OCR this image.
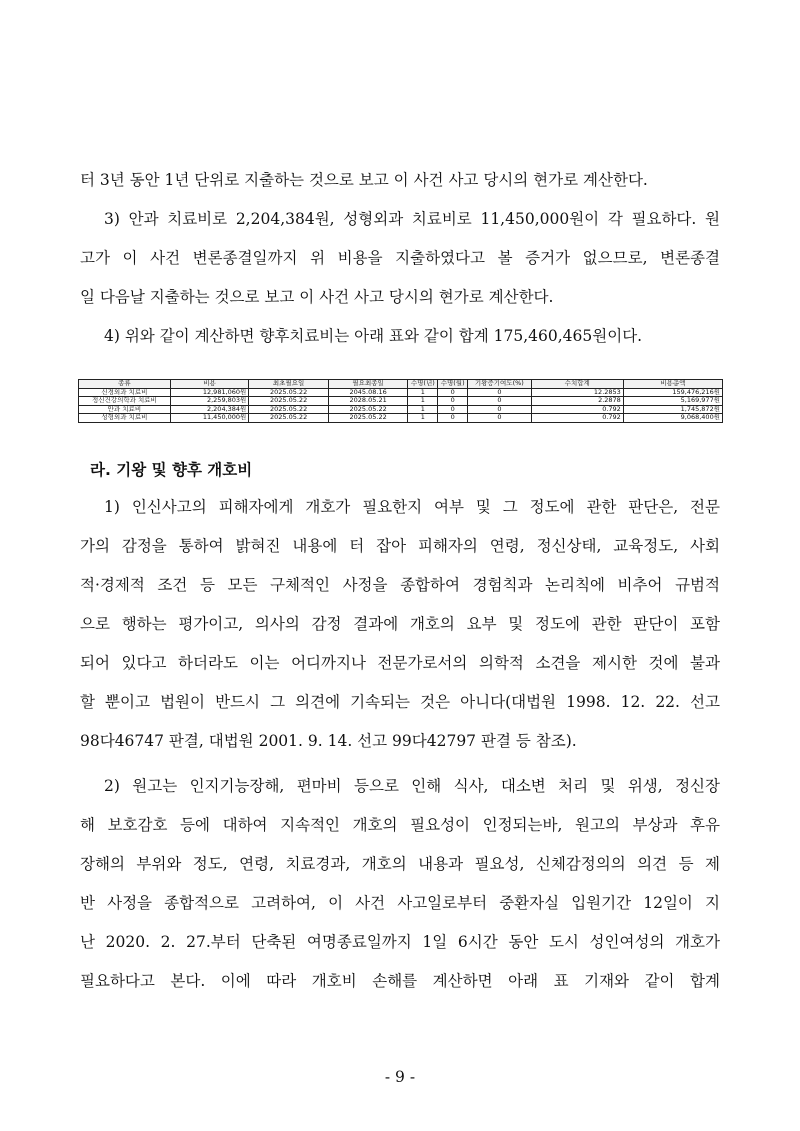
터 3년 동안 1년 단위로 지출하는 것으로 보고 이 사건 사고 당시의 현가로 계산한다.
3) 안과 치료비로 2,204,384원, 성형외과 치료비로 11,450,000원이 각 필요하다. 원
고가 이 사건 변론종결일까지 위 비용을 지출하였다고 볼 증거가 없으므로, 변론종결
일 다음날 지출하는 것으로 보고 이 사건 사고 당시의 현가로 계산한다.
4) 위와 같이 계산하면 향후치료비는 아래 표와 같이 합계 175,460,465원이다.
종류	비용	최초필요일	필요최종일	수명(년)	수명(월)	기왕증기여도(%)	수치합계	비용총액
신경외과 치료비	12,981,060원	2025.05.22	2045.08.16	1	0	0	12.2853	159,476,216원
정신건강의학과 치료비	2,259,803원	2025.05.22	2028.05.21	1	0	0	2.2878	5,169,977원
안과 치료비	2,204,384원	2025.05.22	2025.05.22	1	0	0	0.792	1,745,872원
성형외과 치료비	11,450,000원	2025.05.22	2025.05.22	1	0	0	0.792	9,068,400원
라. 기왕 및 향후 개호비
1) 인신사고의 피해자에게 개호가 필요한지 여부 및 그 정도에 관한 판단은, 전문
가의 감정을 통하여 밝혀진 내용에 터 잡아 피해자의 연령, 정신상태, 교육정도, 사회
적·경제적 조건 등 모든 구체적인 사정을 종합하여 경험칙과 논리칙에 비추어 규범적
으로 행하는 평가이고, 의사의 감정 결과에 개호의 요부 및 정도에 관한 판단이 포함
되어 있다고 하더라도 이는 어디까지나 전문가로서의 의학적 소견을 제시한 것에 불과
할 뿐이고 법원이 반드시 그 의견에 기속되는 것은 아니다(대법원 1998. 12. 22. 선고
98다46747 판결, 대법원 2001. 9. 14. 선고 99다42797 판결 등 참조).
2) 원고는 인지기능장해, 편마비 등으로 인해 식사, 대소변 처리 및 위생, 정신장
해 보호감호 등에 대하여 지속적인 개호의 필요성이 인정되는바, 원고의 부상과 후유
장해의 부위와 정도, 연령, 치료경과, 개호의 내용과 필요성, 신체감정의의 의견 등 제
반 사정을 종합적으로 고려하여, 이 사건 사고일로부터 중환자실 입원기간 12일이 지
난 2020. 2. 27.부터 단축된 여명종료일까지 1일 6시간 동안 도시 성인여성의 개호가
필요하다고 본다. 이에 따라 개호비 손해를 계산하면 아래 표 기재와 같이 합계
- 9 -
